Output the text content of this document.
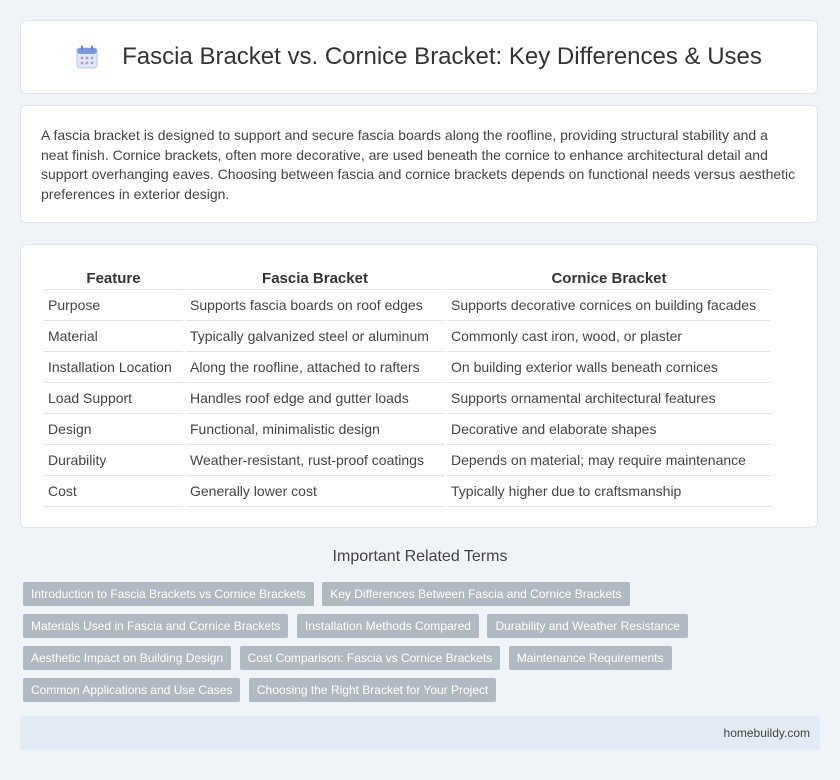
Fascia Bracket vs. Cornice Bracket: Key Differences & Uses

A fascia bracket is designed to support and secure fascia boards along the roofline, providing structural stability and a neat finish. Cornice brackets, often more decorative, are used beneath the cornice to enhance architectural detail and support overhanging eaves. Choosing between fascia and cornice brackets depends on functional needs versus aesthetic preferences in exterior design.

Feature	Fascia Bracket	Cornice Bracket
Purpose	Supports fascia boards on roof edges	Supports decorative cornices on building facades
Material	Typically galvanized steel or aluminum	Commonly cast iron, wood, or plaster
Installation Location	Along the roofline, attached to rafters	On building exterior walls beneath cornices
Load Support	Handles roof edge and gutter loads	Supports ornamental architectural features
Design	Functional, minimalistic design	Decorative and elaborate shapes
Durability	Weather-resistant, rust-proof coatings	Depends on material; may require maintenance
Cost	Generally lower cost	Typically higher due to craftsmanship
Important Related Terms
Introduction to Fascia Brackets vs Cornice Brackets Key Differences Between Fascia and Cornice Brackets Materials Used in Fascia and Cornice Brackets Installation Methods Compared Durability and Weather Resistance Aesthetic Impact on Building Design Cost Comparison: Fascia vs Cornice Brackets Maintenance Requirements Common Applications and Use Cases Choosing the Right Bracket for Your Project
homebuildy.com
